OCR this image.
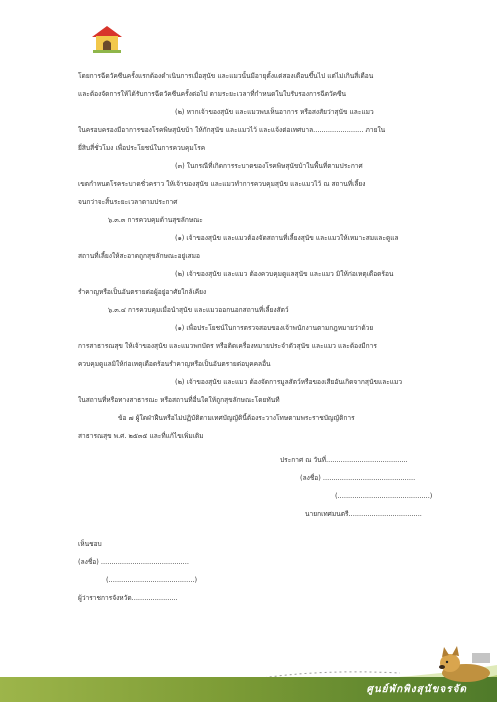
โดยการฉีดวัคซีนครั้งแรกต้องดำเนินการเมื่อสุนัข และแมวนั้นมีอายุตั้งแต่สองเดือนขึ้นไป แต่ไม่เกินสี่เดือน
และต้องจัดการให้ได้รับการฉีดวัคซีนครั้งต่อไป ตามระยะเวลาที่กำหนดในใบรับรองการฉีดวัคซีน
(๒) หากเจ้าของสุนัข และแมวพบเห็นอาการ หรือสงสัยว่าสุนัข และแมว
ในครอบครองมีอาการของโรคพิษสุนัขบ้า ให้กักสุนัข และแมวไว้ และแจ้งต่อเทศบาล........................ ภายใน
ยี่สิบสี่ชั่วโมง เพื่อประโยชน์ในการควบคุมโรค
(๓) ในกรณีที่เกิดการระบาดของโรคพิษสุนัขบ้าในพื้นที่ตามประกาศ
เขตกำหนดโรคระบาดชั่วคราว ให้เจ้าของสุนัข และแมวทำการควบคุมสุนัข และแมวไว้ ณ สถานที่เลี้ยง
จนกว่าจะสิ้นระยะเวลาตามประกาศ
๖.๓.๓ การควบคุมด้านสุขลักษณะ
(๑) เจ้าของสุนัข และแมวต้องจัดสถานที่เลี้ยงสุนัข และแมวให้เหมาะสมและดูแล
สถานที่เลี้ยงให้สะอาดถูกสุขลักษณะอยู่เสมอ
(๒) เจ้าของสุนัข และแมว ต้องควบคุมดูแลสุนัข และแมว มิให้ก่อเหตุเดือดร้อน
รำคาญหรือเป็นอันตรายต่อผู้อยู่อาศัยใกล้เคียง
๖.๓.๔ การควบคุมเมื่อนำสุนัข และแมวออกนอกสถานที่เลี้ยงสัตว์
(๑) เพื่อประโยชน์ในการตรวจสอบของเจ้าพนักงานตามกฎหมายว่าด้วย
การสาธารณสุข ให้เจ้าของสุนัข และแมวพกบัตร หรือติดเครื่องหมายประจำตัวสุนัข และแมว และต้องมีการ
ควบคุมดูแลมิให้ก่อเหตุเดือดร้อนรำคาญหรือเป็นอันตรายต่อบุคคลอื่น
(๒) เจ้าของสุนัข และแมว ต้องจัดการมูลสัตว์หรือของเสียอันเกิดจากสุนัขและแมว
ในสถานที่หรือทางสาธารณะ หรือสถานที่อื่นใดให้ถูกสุขลักษณะโดยทันที
ข้อ ๗ ผู้ใดฝ่าฝืนหรือไม่ปฏิบัติตามเทศบัญญัตินี้ต้องระวางโทษตามพระราชบัญญัติการ
สาธารณสุข พ.ศ. ๒๕๓๕ และที่แก้ไขเพิ่มเติม
ประกาศ ณ วันที่.......................................
(ลงชื่อ) ............................................
(............................................)
นายกเทศมนตรี...................................
เห็นชอบ
(ลงชื่อ) ..........................................
(.........................................)
ผู้ว่าราชการจังหวัด......................
ศูนย์พักพิงสุนัขจรจัด
